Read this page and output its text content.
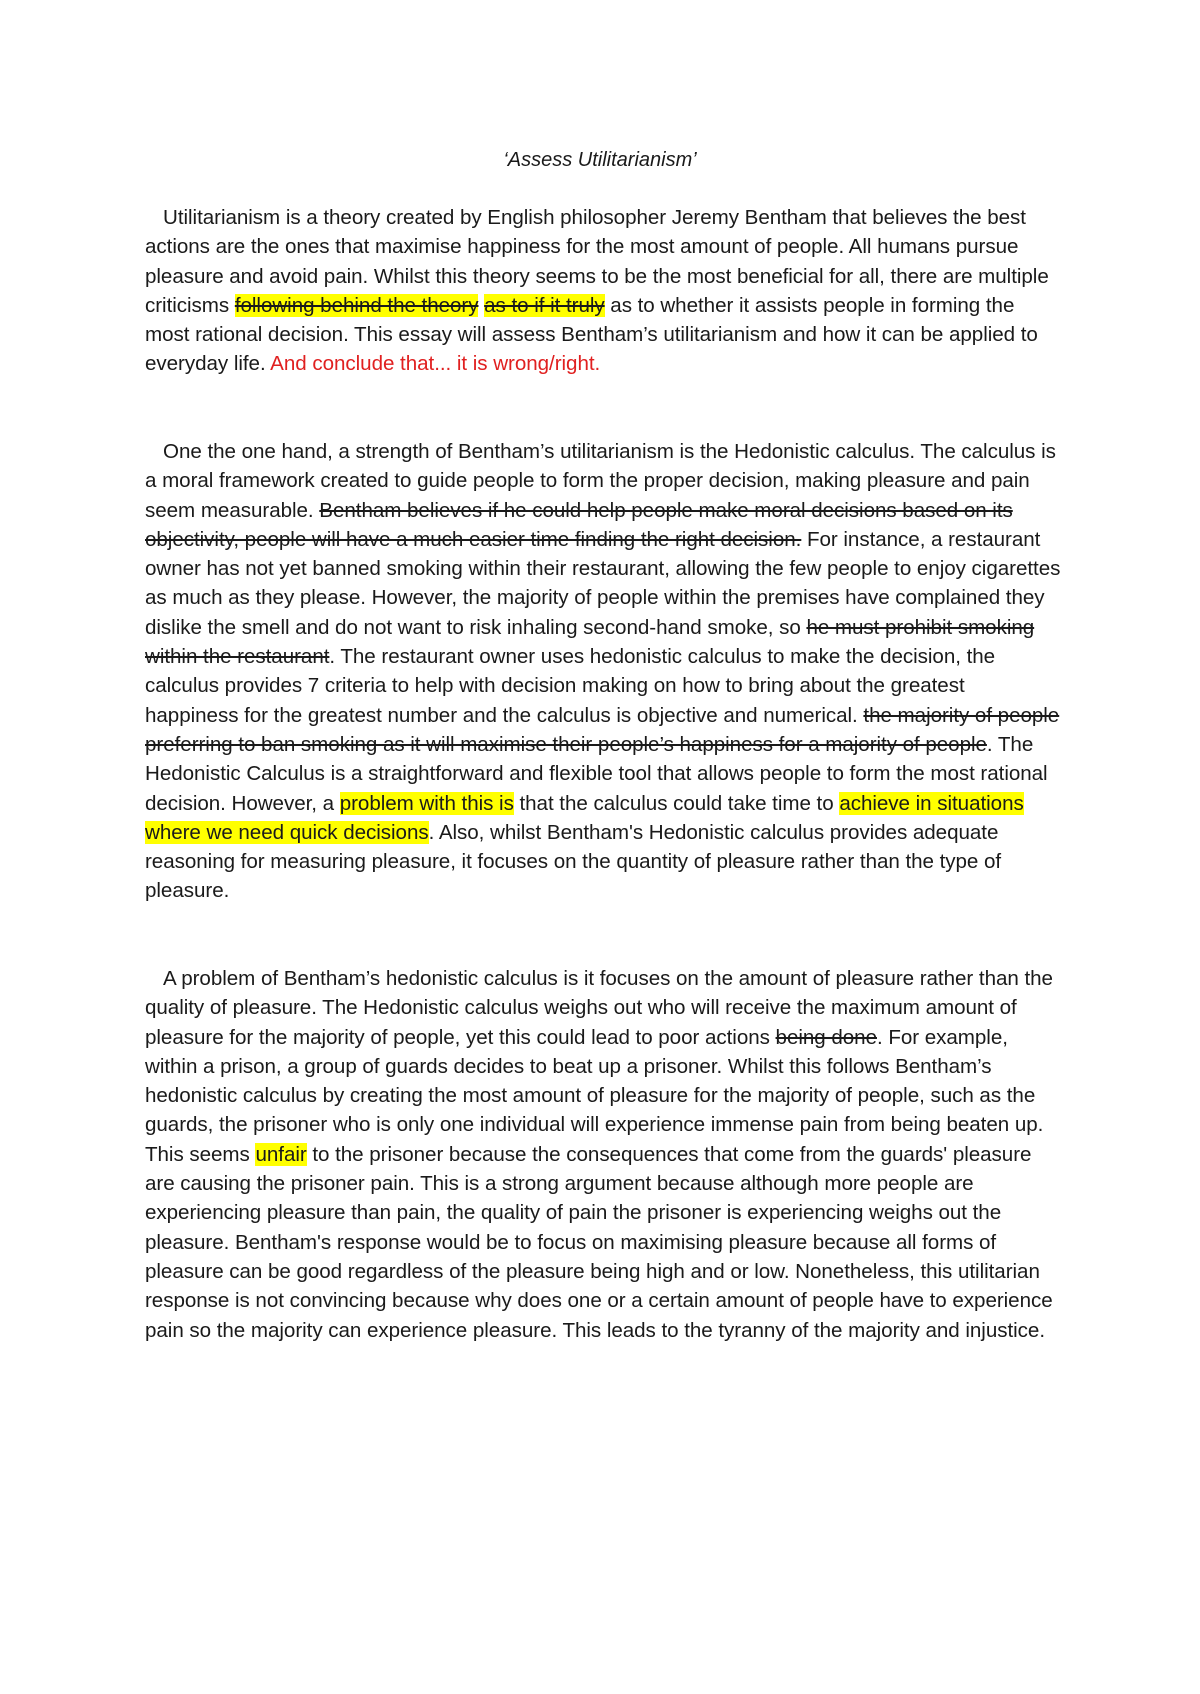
‘Assess Utilitarianism’

Utilitarianism is a theory created by English philosopher Jeremy Bentham that believes the best actions are the ones that maximise happiness for the most amount of people. All humans pursue pleasure and avoid pain. Whilst this theory seems to be the most beneficial for all, there are multiple criticisms following behind the theory as to if it truly as to whether it assists people in forming the most rational decision. This essay will assess Bentham’s utilitarianism and how it can be applied to everyday life. And conclude that... it is wrong/right.

One the one hand, a strength of Bentham’s utilitarianism is the Hedonistic calculus. The calculus is a moral framework created to guide people to form the proper decision, making pleasure and pain seem measurable. Bentham believes if he could help people make moral decisions based on its objectivity, people will have a much easier time finding the right decision. For instance, a restaurant owner has not yet banned smoking within their restaurant, allowing the few people to enjoy cigarettes as much as they please. However, the majority of people within the premises have complained they dislike the smell and do not want to risk inhaling second-hand smoke, so he must prohibit smoking within the restaurant. The restaurant owner uses hedonistic calculus to make the decision, the calculus provides 7 criteria to help with decision making on how to bring about the greatest happiness for the greatest number and the calculus is objective and numerical. the majority of people preferring to ban smoking as it will maximise their people’s happiness for a majority of people. The Hedonistic Calculus is a straightforward and flexible tool that allows people to form the most rational decision. However, a problem with this is that the calculus could take time to achieve in situations where we need quick decisions. Also, whilst Bentham's Hedonistic calculus provides adequate reasoning for measuring pleasure, it focuses on the quantity of pleasure rather than the type of pleasure.

A problem of Bentham’s hedonistic calculus is it focuses on the amount of pleasure rather than the quality of pleasure. The Hedonistic calculus weighs out who will receive the maximum amount of pleasure for the majority of people, yet this could lead to poor actions being done. For example, within a prison, a group of guards decides to beat up a prisoner. Whilst this follows Bentham’s hedonistic calculus by creating the most amount of pleasure for the majority of people, such as the guards, the prisoner who is only one individual will experience immense pain from being beaten up. This seems unfair to the prisoner because the consequences that come from the guards' pleasure are causing the prisoner pain. This is a strong argument because although more people are experiencing pleasure than pain, the quality of pain the prisoner is experiencing weighs out the pleasure. Bentham's response would be to focus on maximising pleasure because all forms of pleasure can be good regardless of the pleasure being high and or low. Nonetheless, this utilitarian response is not convincing because why does one or a certain amount of people have to experience pain so the majority can experience pleasure. This leads to the tyranny of the majority and injustice.
